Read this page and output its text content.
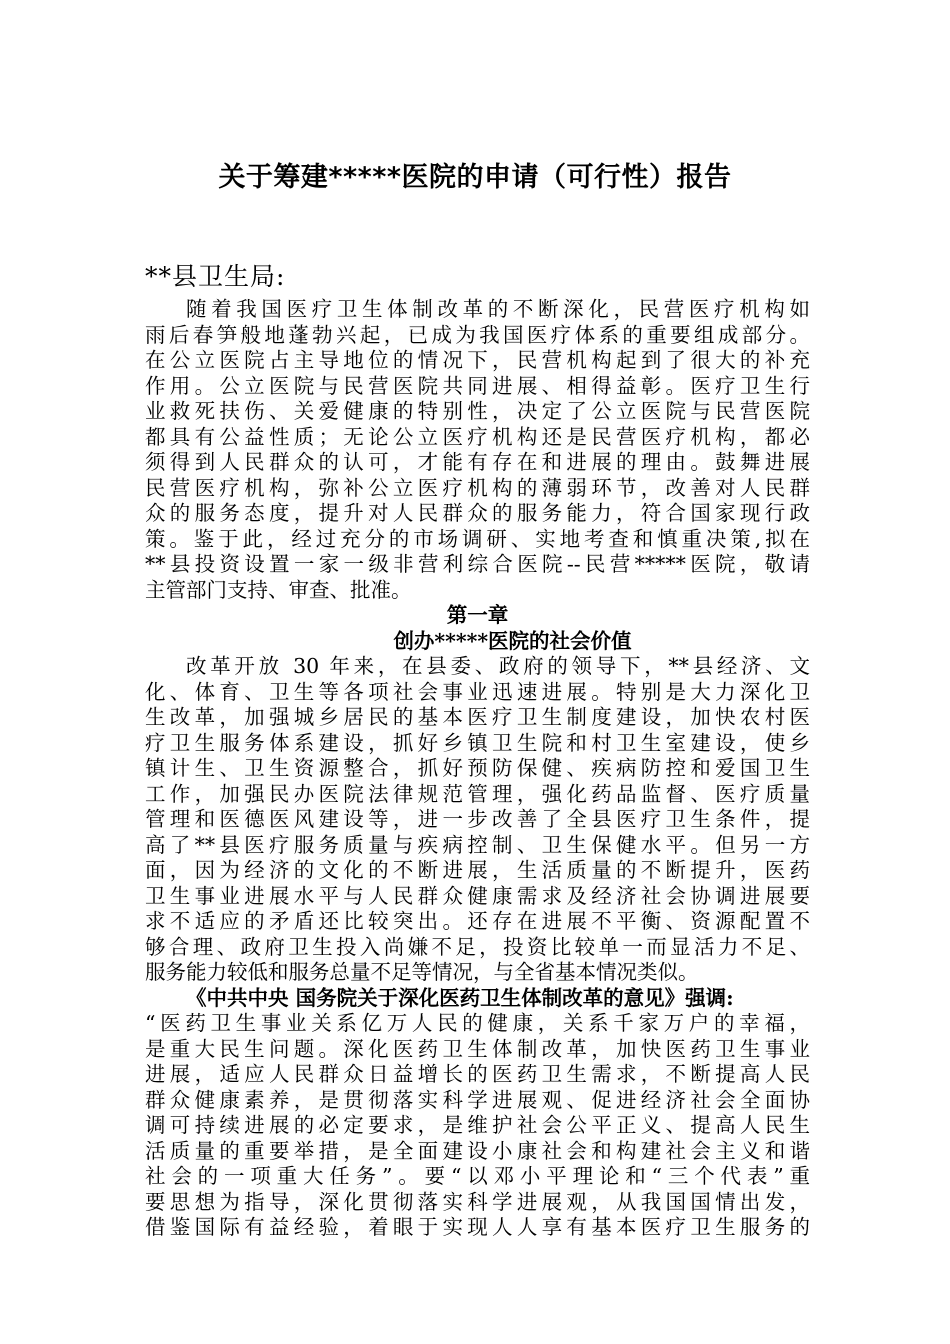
关于筹建*****医院的申请（可行性）报告

**县卫生局:

随着我国医疗卫生体制改革的不断深化，民营医疗机构如
雨后春笋般地蓬勃兴起，已成为我国医疗体系的重要组成部分。
在公立医院占主导地位的情况下，民营机构起到了很大的补充
作用。公立医院与民营医院共同进展、相得益彰。医疗卫生行
业救死扶伤、关爱健康的特别性，决定了公立医院与民营医院
都具有公益性质；无论公立医疗机构还是民营医疗机构，都必
须得到人民群众的认可，才能有存在和进展的理由。鼓舞进展
民营医疗机构，弥补公立医疗机构的薄弱环节，改善对人民群
众的服务态度，提升对人民群众的服务能力，符合国家现行政
策。鉴于此，经过充分的市场调研、实地考查和慎重决策,拟在
**县投资设置一家一级非营利综合医院--民营*****医院，敬请
主管部门支持、审查、批准。
第一章
创办*****医院的社会价值
改革开放 30 年来，在县委、政府的领导下，**县经济、文
化、体育、卫生等各项社会事业迅速进展。特别是大力深化卫
生改革，加强城乡居民的基本医疗卫生制度建设，加快农村医
疗卫生服务体系建设，抓好乡镇卫生院和村卫生室建设，使乡
镇计生、卫生资源整合，抓好预防保健、疾病防控和爱国卫生
工作，加强民办医院法律规范管理，强化药品监督、医疗质量
管理和医德医风建设等，进一步改善了全县医疗卫生条件，提
高了**县医疗服务质量与疾病控制、卫生保健水平。但另一方
面，因为经济的文化的不断进展，生活质量的不断提升，医药
卫生事业进展水平与人民群众健康需求及经济社会协调进展要
求不适应的矛盾还比较突出。还存在进展不平衡、资源配置不
够合理、政府卫生投入尚嫌不足，投资比较单一而显活力不足、
服务能力较低和服务总量不足等情况，与全省基本情况类似。
《中共中央 国务院关于深化医药卫生体制改革的意见》强调:
“医药卫生事业关系亿万人民的健康，关系千家万户的幸福，
是重大民生问题。深化医药卫生体制改革，加快医药卫生事业
进展，适应人民群众日益增长的医药卫生需求，不断提高人民
群众健康素养，是贯彻落实科学进展观、促进经济社会全面协
调可持续进展的必定要求，是维护社会公平正义、提高人民生
活质量的重要举措，是全面建设小康社会和构建社会主义和谐
社会的一项重大任务”。要“以邓小平理论和“三个代表”重
要思想为指导，深化贯彻落实科学进展观，从我国国情出发，
借鉴国际有益经验，着眼于实现人人享有基本医疗卫生服务的
